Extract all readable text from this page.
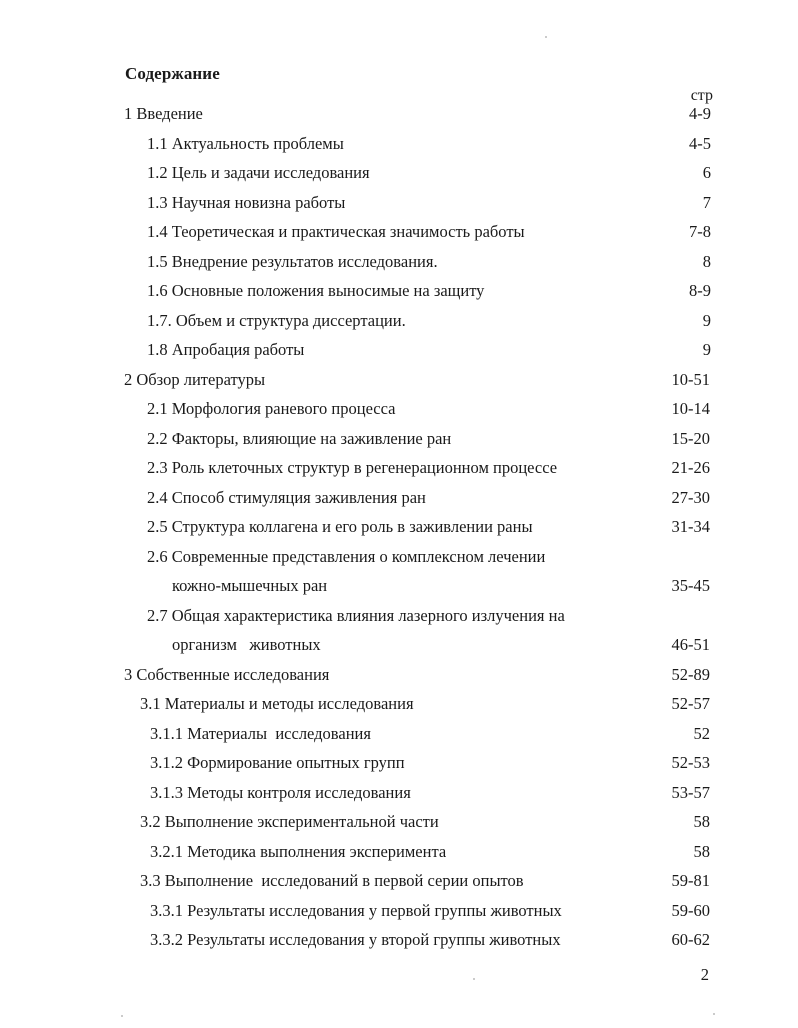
Содержание
стр
1 Введение	4-9
1.1 Актуальность проблемы	4-5
1.2 Цель и задачи исследования	6
1.3 Научная новизна работы	7
1.4 Теоретическая и практическая значимость работы	7-8
1.5 Внедрение результатов исследования.	8
1.6 Основные положения выносимые на защиту	8-9
1.7. Объем и структура диссертации.	9
1.8 Апробация работы	9
2 Обзор литературы	10-51
2.1 Морфология раневого процесса	10-14
2.2 Факторы, влияющие на заживление ран	15-20
2.3 Роль клеточных структур в регенерационном процессе	21-26
2.4 Способ стимуляция заживления ран	27-30
2.5 Структура коллагена и его роль в заживлении раны	31-34
2.6 Современные представления о комплексном лечении
кожно-мышечных ран	35-45
2.7 Общая характеристика влияния лазерного излучения на
организм   животных	46-51
3 Собственные исследования	52-89
3.1 Материалы и методы исследования	52-57
3.1.1 Материалы  исследования	52
3.1.2 Формирование опытных групп	52-53
3.1.3 Методы контроля исследования	53-57
3.2 Выполнение экспериментальной части	58
3.2.1 Методика выполнения эксперимента	58
3.3 Выполнение  исследований в первой серии опытов	59-81
3.3.1 Результаты исследования у первой группы животных	59-60
3.3.2 Результаты исследования у второй группы животных	60-62
2
